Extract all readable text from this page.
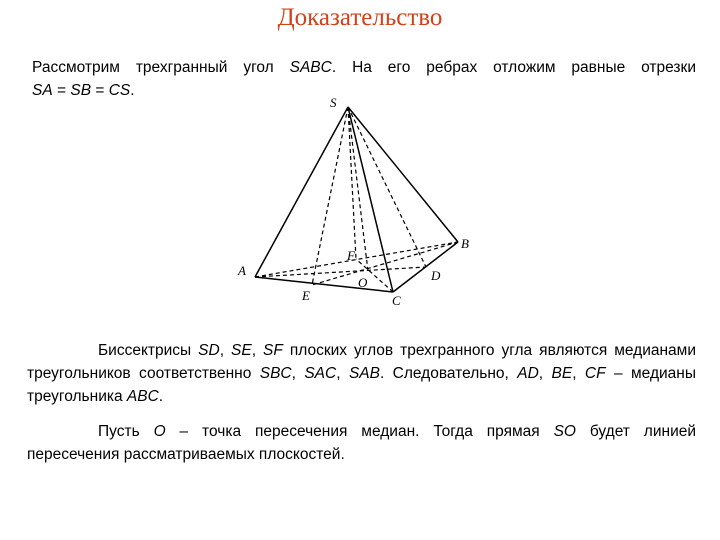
Доказательство
Рассмотрим трехгранный угол SABC. На его ребрах отложим равные отрезки
SA = SB = CS.
S
A
B
C
D
E
F
O
Биссектрисы SD, SE, SF плоских углов трехгранного угла являются медианами треугольников соответственно SBC, SAC, SAB. Следовательно, AD, BE, CF – медианы треугольника ABC.
Пусть O – точка пересечения медиан. Тогда прямая SO будет линией пересечения рассматриваемых плоскостей.
